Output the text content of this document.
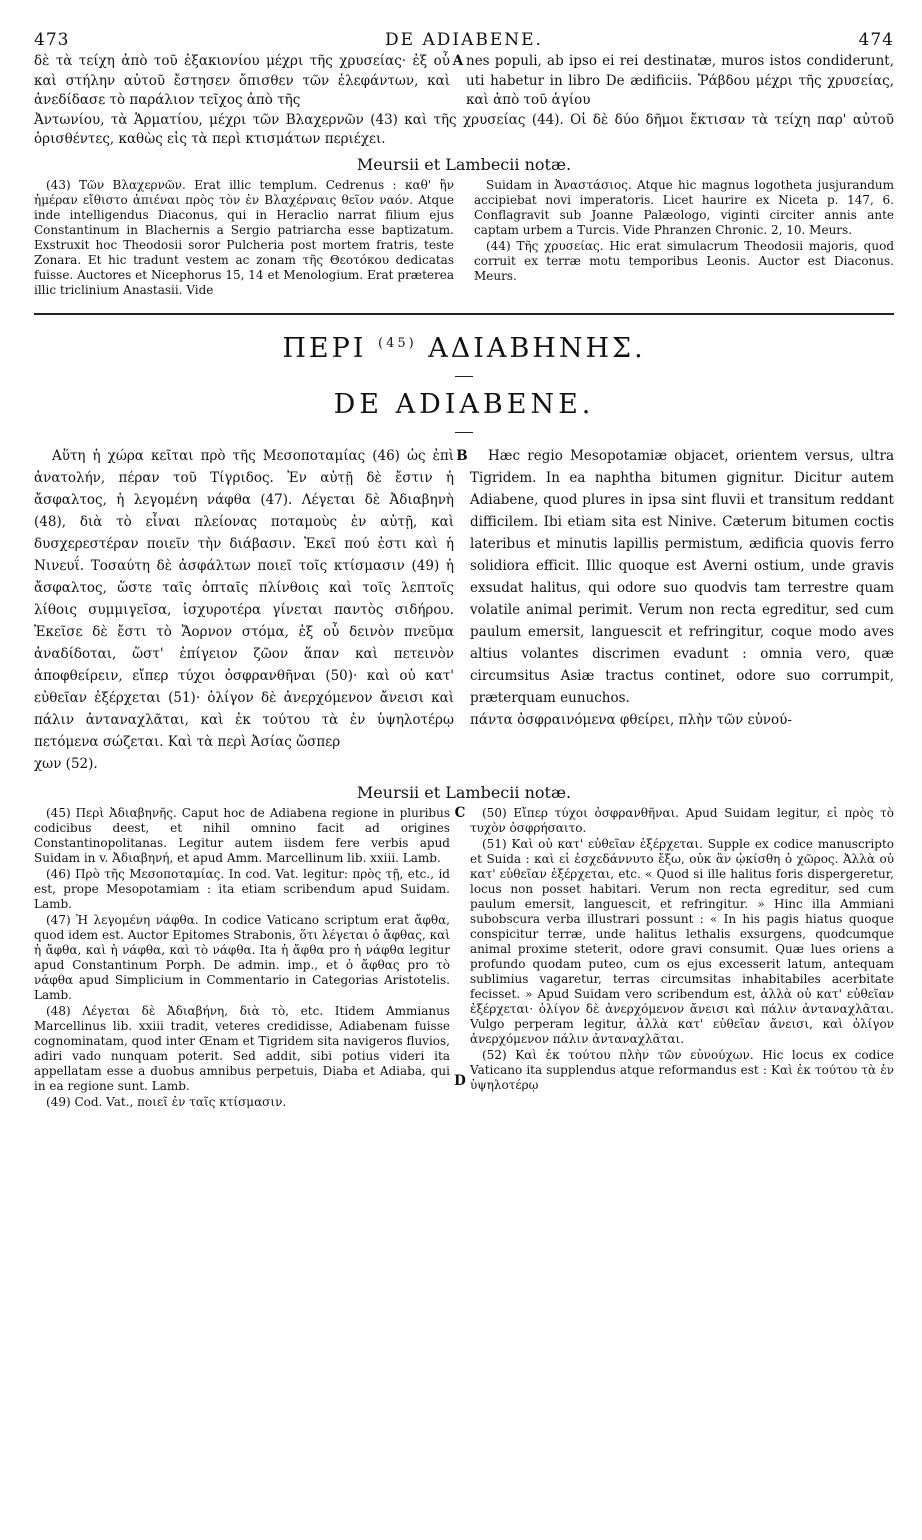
473	DE ADIABENE.	474
δὲ τὰ τείχη ἀπὸ τοῦ ἐξακιονίου μέχρι τῆς χρυσείας· ἐξ οὗ καὶ στήλην αὐτοῦ ἔστησεν ὄπισθεν τῶν ἐλεφάντων, καὶ ἀνεδίδασε τὸ παράλιον τεῖχος ἀπὸ τῆς
A nes populi, ab ipso ei rei destinatæ, muros istos condiderunt, uti habetur in libro De ædificiis. Ῥάβδου μέχρι τῆς χρυσείας, καὶ ἀπὸ τοῦ ἁγίου

Ἀντωνίου, τὰ Ἁρματίου, μέχρι τῶν Βλαχερνῶν (43) καὶ τῆς χρυσείας (44). Οἱ δὲ δύο δῆμοι ἔκτισαν τὰ τείχη παρ' αὐτοῦ ὁρισθέντες, καθὼς εἰς τὰ περὶ κτισμάτων περιέχει.

Meursii et Lambecii notæ.

(43) Τῶν Βλαχερνῶν. Erat illic templum. Cedrenus : καθ' ἣν ἡμέραν εἴθιστο ἀπιέναι πρὸς τὸν ἐν Βλαχέρναις θεῖον ναόν. Atque inde intelligendus Diaconus, qui in Heraclio narrat filium ejus Constantinum in Blachernis a Sergio patriarcha esse baptizatum. Exstruxit hoc Theodosii soror Pulcheria post mortem fratris, teste Zonara. Et hic tradunt vestem ac zonam τῆς Θεοτόκου dedicatas fuisse. Auctores et Nicephorus 15, 14 et Menologium. Erat præterea illic triclinium Anastasii. Vide

Suidam in Ἀναστάσιος. Atque hic magnus logotheta jusjurandum accipiebat novi imperatoris. Licet haurire ex Niceta p. 147, 6. Conflagravit sub Joanne Palæologo, viginti circiter annis ante captam urbem a Turcis. Vide Phranzen Chronic. 2, 10. Meurs.

(44) Τῆς χρυσείας. Hic erat simulacrum Theodosii majoris, quod corruit ex terræ motu temporibus Leonis. Auctor est Diaconus. Meurs.

ΠΕΡΙ $^{(45)}$ ΑΔΙΑΒΗΝΗΣ.
DE ADIABENE.

Αὕτη ἡ χώρα κεῖται πρὸ τῆς Μεσοποταμίας (46) ὡς ἐπὶ ἀνατολήν, πέραν τοῦ Τίγριδος. Ἐν αὐτῇ δὲ ἔστιν ἡ ἄσφαλτος, ἡ λεγομένη νάφθα (47). Λέγεται δὲ Ἀδιαβηνὴ (48), διὰ τὸ εἶναι πλείονας ποταμοὺς ἐν αὐτῇ, καὶ δυσχερεστέραν ποιεῖν τὴν διάβασιν. Ἐκεῖ πού ἐστι καὶ ἡ Νινευΐ. Τοσαύτη δὲ ἀσφάλτων ποιεῖ τοῖς κτίσμασιν (49) ἡ ἄσφαλτος, ὥστε ταῖς ὀπταῖς πλίνθοις καὶ τοῖς λεπτοῖς λίθοις συμμιγεῖσα, ἰσχυροτέρα γίνεται παντὸς σιδήρου. Ἐκεῖσε δὲ ἔστι τὸ Ἄορνον στόμα, ἐξ οὗ δεινὸν πνεῦμα ἀναδίδοται, ὥστ' ἐπίγειον ζῶον ἅπαν καὶ πετεινὸν ἀποφθείρειν, εἴπερ τύχοι ὀσφρανθῆναι (50)· καὶ οὐ κατ' εὐθεῖαν ἐξέρχεται (51)· ὀλίγον δὲ ἀνερχόμενον ἄνεισι καὶ πάλιν ἀνταναχλᾶται, καὶ ἐκ τούτου τὰ ἐν ὑψηλοτέρῳ πετόμενα σώζεται. Καὶ τὰ περὶ Ἀσίας ὥσπερ

χων (52).
B	Hæc regio Mesopotamiæ objacet, orientem versus, ultra Tigridem. In ea naphtha bitumen gignitur. Dicitur autem Adiabene, quod plures in ipsa sint fluvii et transitum reddant difficilem. Ibi etiam sita est Ninive. Cæterum bitumen coctis lateribus et minutis lapillis permistum, ædificia quovis ferro solidiora efficit. Illic quoque est Averni ostium, unde gravis exsudat halitus, qui odore suo quodvis tam terrestre quam volatile animal perimit. Verum non recta egreditur, sed cum paulum emersit, languescit et refringitur, coque modo aves altius volantes discrimen evadunt : omnia vero, quæ circumsitus Asiæ tractus continet, odore suo corrumpit, præterquam eunuchos.

πάντα ὀσφραινόμενα φθείρει, πλὴν τῶν εὐνού-
Meursii et Lambecii notæ.

(45) Περὶ Ἀδιαβηνῆς. Caput hoc de Adiabena regione in pluribus codicibus deest, et nihil omnino facit ad origines Constantinopolitanas. Legitur autem iisdem fere verbis apud Suidam in v. Ἀδιαβηνή, et apud Amm. Marcellinum lib. xxiii. Lamb.

(46) Πρὸ τῆς Μεσοποταμίας. In cod. Vat. legitur: πρὸς τῇ, etc., id est, prope Mesopotamiam : ita etiam scribendum apud Suidam. Lamb.

(47) Ἡ λεγομένη νάφθα. In codice Vaticano scriptum erat ἄφθα, quod idem est. Auctor Epitomes Strabonis, ὅτι λέγεται ὁ ἄφθας, καὶ ἡ ἄφθα, καὶ ἡ νάφθα, καὶ τὸ νάφθα. Ita ἡ ἄφθα pro ἡ νάφθα legitur apud Constantinum Porph. De admin. imp., et ὁ ἄφθας pro τὸ νάφθα apud Simplicium in Commentario in Categorias Aristotelis. Lamb.

(48) Λέγεται δὲ Ἀδιαβήνη, διὰ τὸ, etc. Itidem Ammianus Marcellinus lib. xxiii tradit, veteres credidisse, Adiabenam fuisse cognominatam, quod inter Œnam et Tigridem sita navigeros fluvios, adiri vado nunquam poterit. Sed addit, sibi potius videri ita appellatam esse a duobus amnibus perpetuis, Diaba et Adiaba, qui in ea regione sunt. Lamb.

(49) Cod. Vat., ποιεῖ ἐν ταῖς κτίσμασιν.

C
D

(50) Εἴπερ τύχοι ὀσφρανθῆναι. Apud Suidam legitur, εἰ πρὸς τὸ τυχὸν ὀσφρήσαιτο.

(51) Καὶ οὐ κατ' εὐθεῖαν ἐξέρχεται. Supple ex codice manuscripto et Suida : καὶ εἰ ἐσχεδάννυτο ἔξω, οὐκ ἂν ᾠκίσθη ὁ χῶρος. Ἀλλὰ οὐ κατ' εὐθεῖαν ἐξέρχεται, etc. « Quod si ille halitus foris dispergeretur, locus non posset habitari. Verum non recta egreditur, sed cum paulum emersit, languescit, et refringitur. » Hinc illa Ammiani subobscura verba illustrari possunt : « In his pagis hiatus quoque conspicitur terræ, unde halitus lethalis exsurgens, quodcumque animal proxime steterit, odore gravi consumit. Quæ lues oriens a profundo quodam puteo, cum os ejus excesserit latum, antequam sublimius vagaretur, terras circumsitas inhabitabiles acerbitate fecisset. » Apud Suidam vero scribendum est, ἀλλὰ οὐ κατ' εὐθεῖαν ἐξέρχεται· ὀλίγον δὲ ἀνερχόμενον ἄνεισι καὶ πάλιν ἀνταναχλᾶται. Vulgo perperam legitur, ἀλλὰ κατ' εὐθεῖαν ἄνεισι, καὶ ὀλίγον ἀνερχόμενον πάλιν ἀνταναχλᾶται.

(52) Καὶ ἐκ τούτου πλὴν τῶν εὐνούχων. Hic locus ex codice Vaticano ita supplendus atque reformandus est : Καὶ ἐκ τούτου τὰ ἐν ὑψηλοτέρῳ
